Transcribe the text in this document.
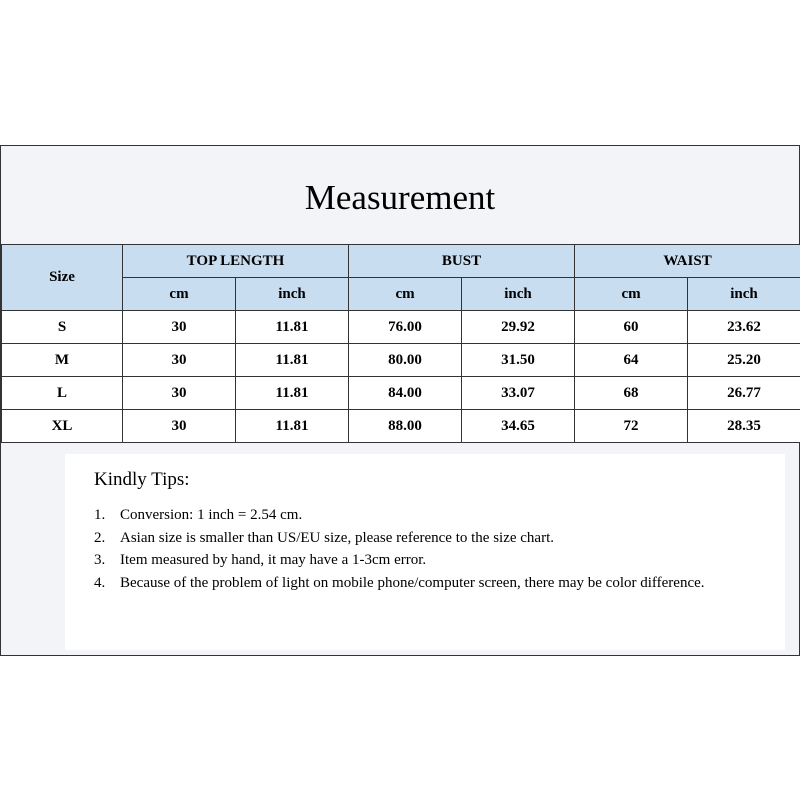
Measurement
Size	TOP LENGTH		BUST		WAIST	
	cm	inch	cm	inch	cm	inch
S	30	11.81	76.00	29.92	60	23.62
M	30	11.81	80.00	31.50	64	25.20
L	30	11.81	84.00	33.07	68	26.77
XL	30	11.81	88.00	34.65	72	28.35
Kindly Tips:
1. Conversion: 1 inch = 2.54 cm.
2. Asian size is smaller than US/EU size, please reference to the size chart.
3. Item measured by hand, it may have a 1-3cm error.
4. Because of the problem of light on mobile phone/computer screen, there may be color difference.
